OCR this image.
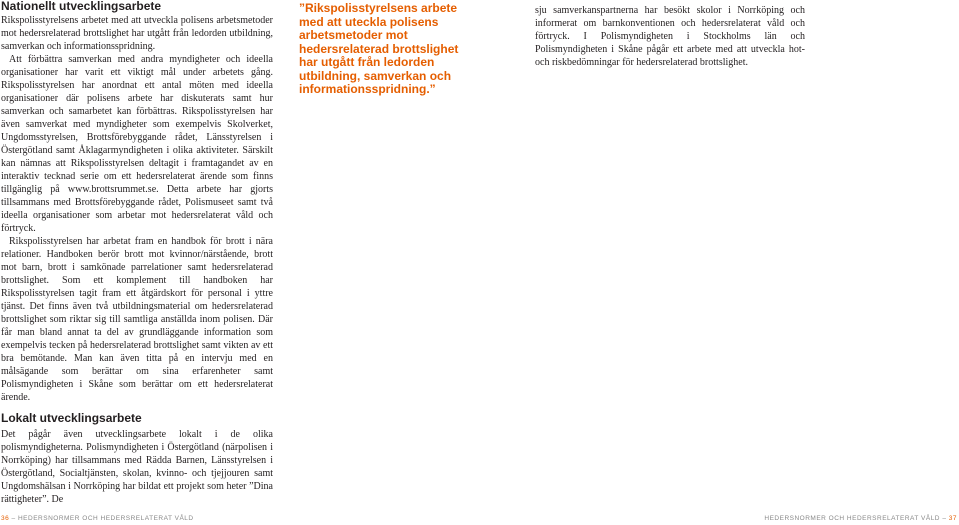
Nationellt utvecklingsarbete

Rikspolisstyrelsens arbetet med att utveckla polisens arbetsmetoder mot hedersrelaterad brottslighet har utgått från ledorden utbildning, samverkan och informationsspridning.

Att förbättra samverkan med andra myndigheter och ideella organisationer har varit ett viktigt mål under arbetets gång. Rikspolisstyrelsen har anordnat ett antal möten med ideella organisationer där polisens arbete har diskuterats samt hur samverkan och samarbetet kan förbättras. Rikspolisstyrelsen har även samverkat med myndigheter som exempelvis Skolverket, Ungdomsstyrelsen, Brottsförebyggande rådet, Länsstyrelsen i Östergötland samt Åklagarmyndigheten i olika aktiviteter. Särskilt kan nämnas att Rikspolisstyrelsen deltagit i framtagandet av en interaktiv tecknad serie om ett hedersrelaterat ärende som finns tillgänglig på www.brottsrummet.se. Detta arbete har gjorts tillsammans med Brottsförebyggande rådet, Polismuseet samt två ideella organisationer som arbetar mot hedersrelaterat våld och förtryck.

Rikspolisstyrelsen har arbetat fram en handbok för brott i nära relationer. Handboken berör brott mot kvinnor/närstående, brott mot barn, brott i samkönade parrelationer samt hedersrelaterad brottslighet. Som ett komplement till handboken har Rikspolisstyrelsen tagit fram ett åtgärdskort för personal i yttre tjänst. Det finns även två utbildningsmaterial om hedersrelaterad brottslighet som riktar sig till samtliga anställda inom polisen. Där får man bland annat ta del av grundläggande information som exempelvis tecken på hedersrelaterad brottslighet samt vikten av ett bra bemötande. Man kan även titta på en intervju med en målsägande som berättar om sina erfarenheter samt Polismyndigheten i Skåne som berättar om ett hedersrelaterat ärende.

Lokalt utvecklingsarbete

Det pågår även utvecklingsarbete lokalt i de olika polismyndigheterna. Polismyndigheten i Östergötland (närpolisen i Norrköping) har tillsammans med Rädda Barnen, Länsstyrelsen i Östergötland, Socialtjänsten, skolan, kvinno- och tjejjouren samt Ungdomshälsan i Norrköping har bildat ett projekt som heter ”Dina rättigheter”. De

”Rikspolisstyrelsens arbete med att uteckla polisens arbetsmetoder mot hedersrelaterad brottslighet har utgått från ledorden utbildning, samverkan och informationsspridning.”

sju samverkanspartnerna har besökt skolor i Norrköping och informerat om barnkonventionen och hedersrelaterat våld och förtryck. I Polismyndigheten i Stockholms län och Polismyndigheten i Skåne pågår ett arbete med att utveckla hot- och riskbedömningar för hedersrelaterad brottslighet.

36 – HEDERSNORMER OCH HEDERSRELATERAT VÅLD	HEDERSNORMER OCH HEDERSRELATERAT VÅLD – 37
